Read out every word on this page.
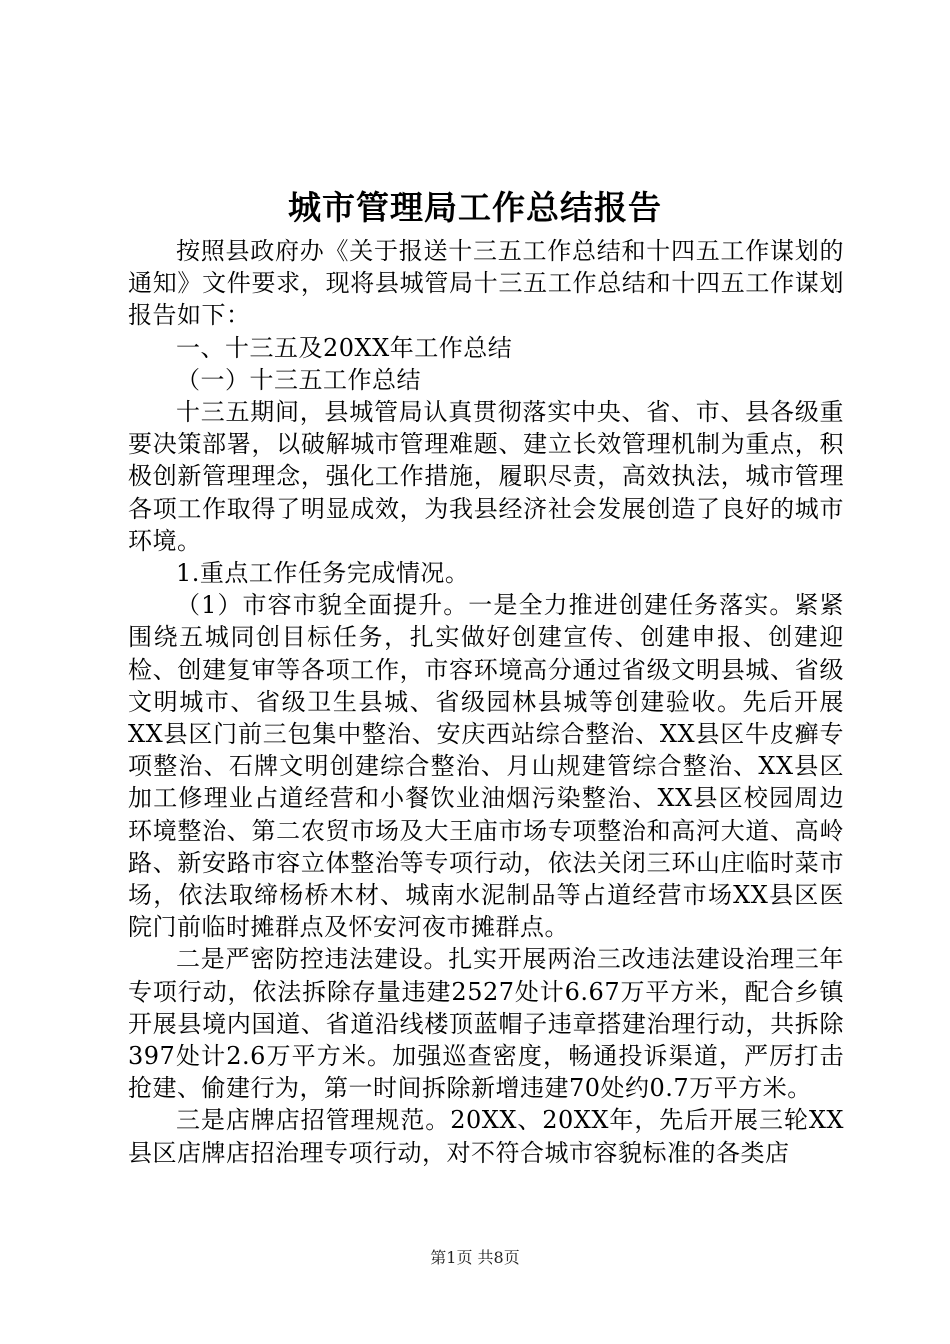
城市管理局工作总结报告

按照县政府办《关于报送十三五工作总结和十四五工作谋划的通知》文件要求，现将县城管局十三五工作总结和十四五工作谋划报告如下：

一、十三五及20XX年工作总结

（一）十三五工作总结

十三五期间，县城管局认真贯彻落实中央、省、市、县各级重要决策部署，以破解城市管理难题、建立长效管理机制为重点，积极创新管理理念，强化工作措施，履职尽责，高效执法，城市管理各项工作取得了明显成效，为我县经济社会发展创造了良好的城市环境。

1.重点工作任务完成情况。

（1）市容市貌全面提升。一是全力推进创建任务落实。紧紧围绕五城同创目标任务，扎实做好创建宣传、创建申报、创建迎检、创建复审等各项工作，市容环境高分通过省级文明县城、省级文明城市、省级卫生县城、省级园林县城等创建验收。先后开展XX县区门前三包集中整治、安庆西站综合整治、XX县区牛皮癣专项整治、石牌文明创建综合整治、月山规建管综合整治、XX县区加工修理业占道经营和小餐饮业油烟污染整治、XX县区校园周边环境整治、第二农贸市场及大王庙市场专项整治和高河大道、高岭路、新安路市容立体整治等专项行动，依法关闭三环山庄临时菜市场，依法取缔杨桥木材、城南水泥制品等占道经营市场XX县区医院门前临时摊群点及怀安河夜市摊群点。

二是严密防控违法建设。扎实开展两治三改违法建设治理三年专项行动，依法拆除存量违建2527处计6.67万平方米，配合乡镇开展县境内国道、省道沿线楼顶蓝帽子违章搭建治理行动，共拆除397处计2.6万平方米。加强巡查密度，畅通投诉渠道，严厉打击抢建、偷建行为，第一时间拆除新增违建70处约0.7万平方米。

三是店牌店招管理规范。20XX、20XX年，先后开展三轮XX县区店牌店招治理专项行动，对不符合城市容貌标准的各类店

第1页 共8页
